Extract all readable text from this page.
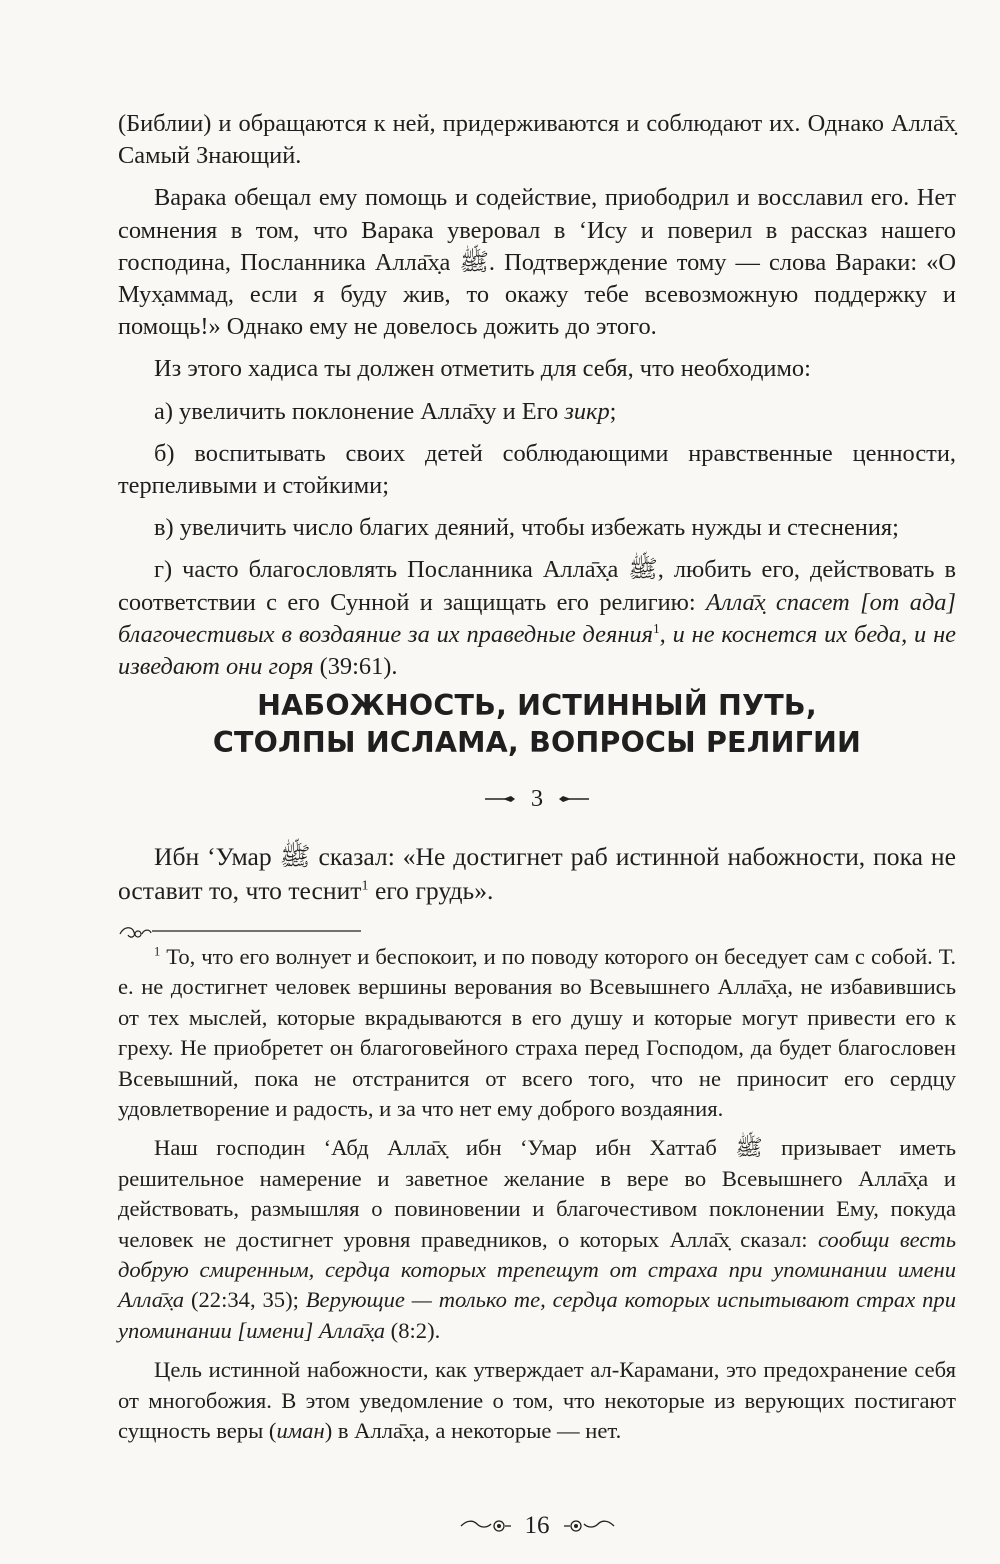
(Библии) и обращаются к ней, придерживаются и соблюдают их. Однако Алла̄х̣ Самый Знающий.

Варака обещал ему помощь и содействие, приободрил и восславил его. Нет сомнения в том, что Варака уверовал в ‘Ису и поверил в рассказ нашего господина, Посланника Алла̄х̣а ﷺ. Подтверждение тому — слова Вараки: «О Мух̣аммад, если я буду жив, то окажу тебе всевозможную поддержку и помощь!» Однако ему не довелось дожить до этого.

Из этого хадиса ты должен отметить для себя, что необходимо:

а) увеличить поклонение Алла̄х̣у и Его зикр;

б) воспитывать своих детей соблюдающими нравственные ценности, терпеливыми и стойкими;

в) увеличить число благих деяний, чтобы избежать нужды и стеснения;

г) часто благословлять Посланника Алла̄х̣а ﷺ, любить его, действовать в соответствии с его Сунной и защищать его религию: Алла̄х̣ спасет [от ада] благочестивых в воздаяние за их праведные деяния$^1$, и не коснется их беда, и не изведают они горя (39:61).

НАБОЖНОСТЬ, ИСТИННЫЙ ПУТЬ,
СТОЛПЫ ИСЛАМА, ВОПРОСЫ РЕЛИГИИ
3

Ибн ‘Умар ﷺ сказал: «Не достигнет раб истинной набожности, пока не оставит то, что теснит$^1$ его грудь».

$^1$ То, что его волнует и беспокоит, и по поводу которого он беседует сам с собой. Т. е. не достигнет человек вершины верования во Всевышнего Алла̄х̣а, не избавившись от тех мыслей, которые вкрадываются в его душу и которые могут привести его к греху. Не приобретет он благоговейного страха перед Господом, да будет благословен Всевышний, пока не отстранится от всего того, что не приносит его сердцу удовлетворение и радость, и за что нет ему доброго воздаяния.

Наш господин ‘Абд Алла̄х̣ ибн ‘Умар ибн Хаттаб ﷺ призывает иметь решительное намерение и заветное желание в вере во Всевышнего Алла̄х̣а и действовать, размышляя о повиновении и благочестивом поклонении Ему, покуда человек не достигнет уровня праведников, о которых Алла̄х̣ сказал: сообщи весть добрую смиренным, сердца которых трепещут от страха при упоминании имени Алла̄х̣а (22:34, 35); Верующие — только те, сердца которых испытывают страх при упоминании [имени] Алла̄х̣а (8:2).

Цель истинной набожности, как утверждает ал-Карамани, это предохранение себя от многобожия. В этом уведомление о том, что некоторые из верующих постигают сущность веры (иман) в Алла̄х̣а, а некоторые — нет.

16
